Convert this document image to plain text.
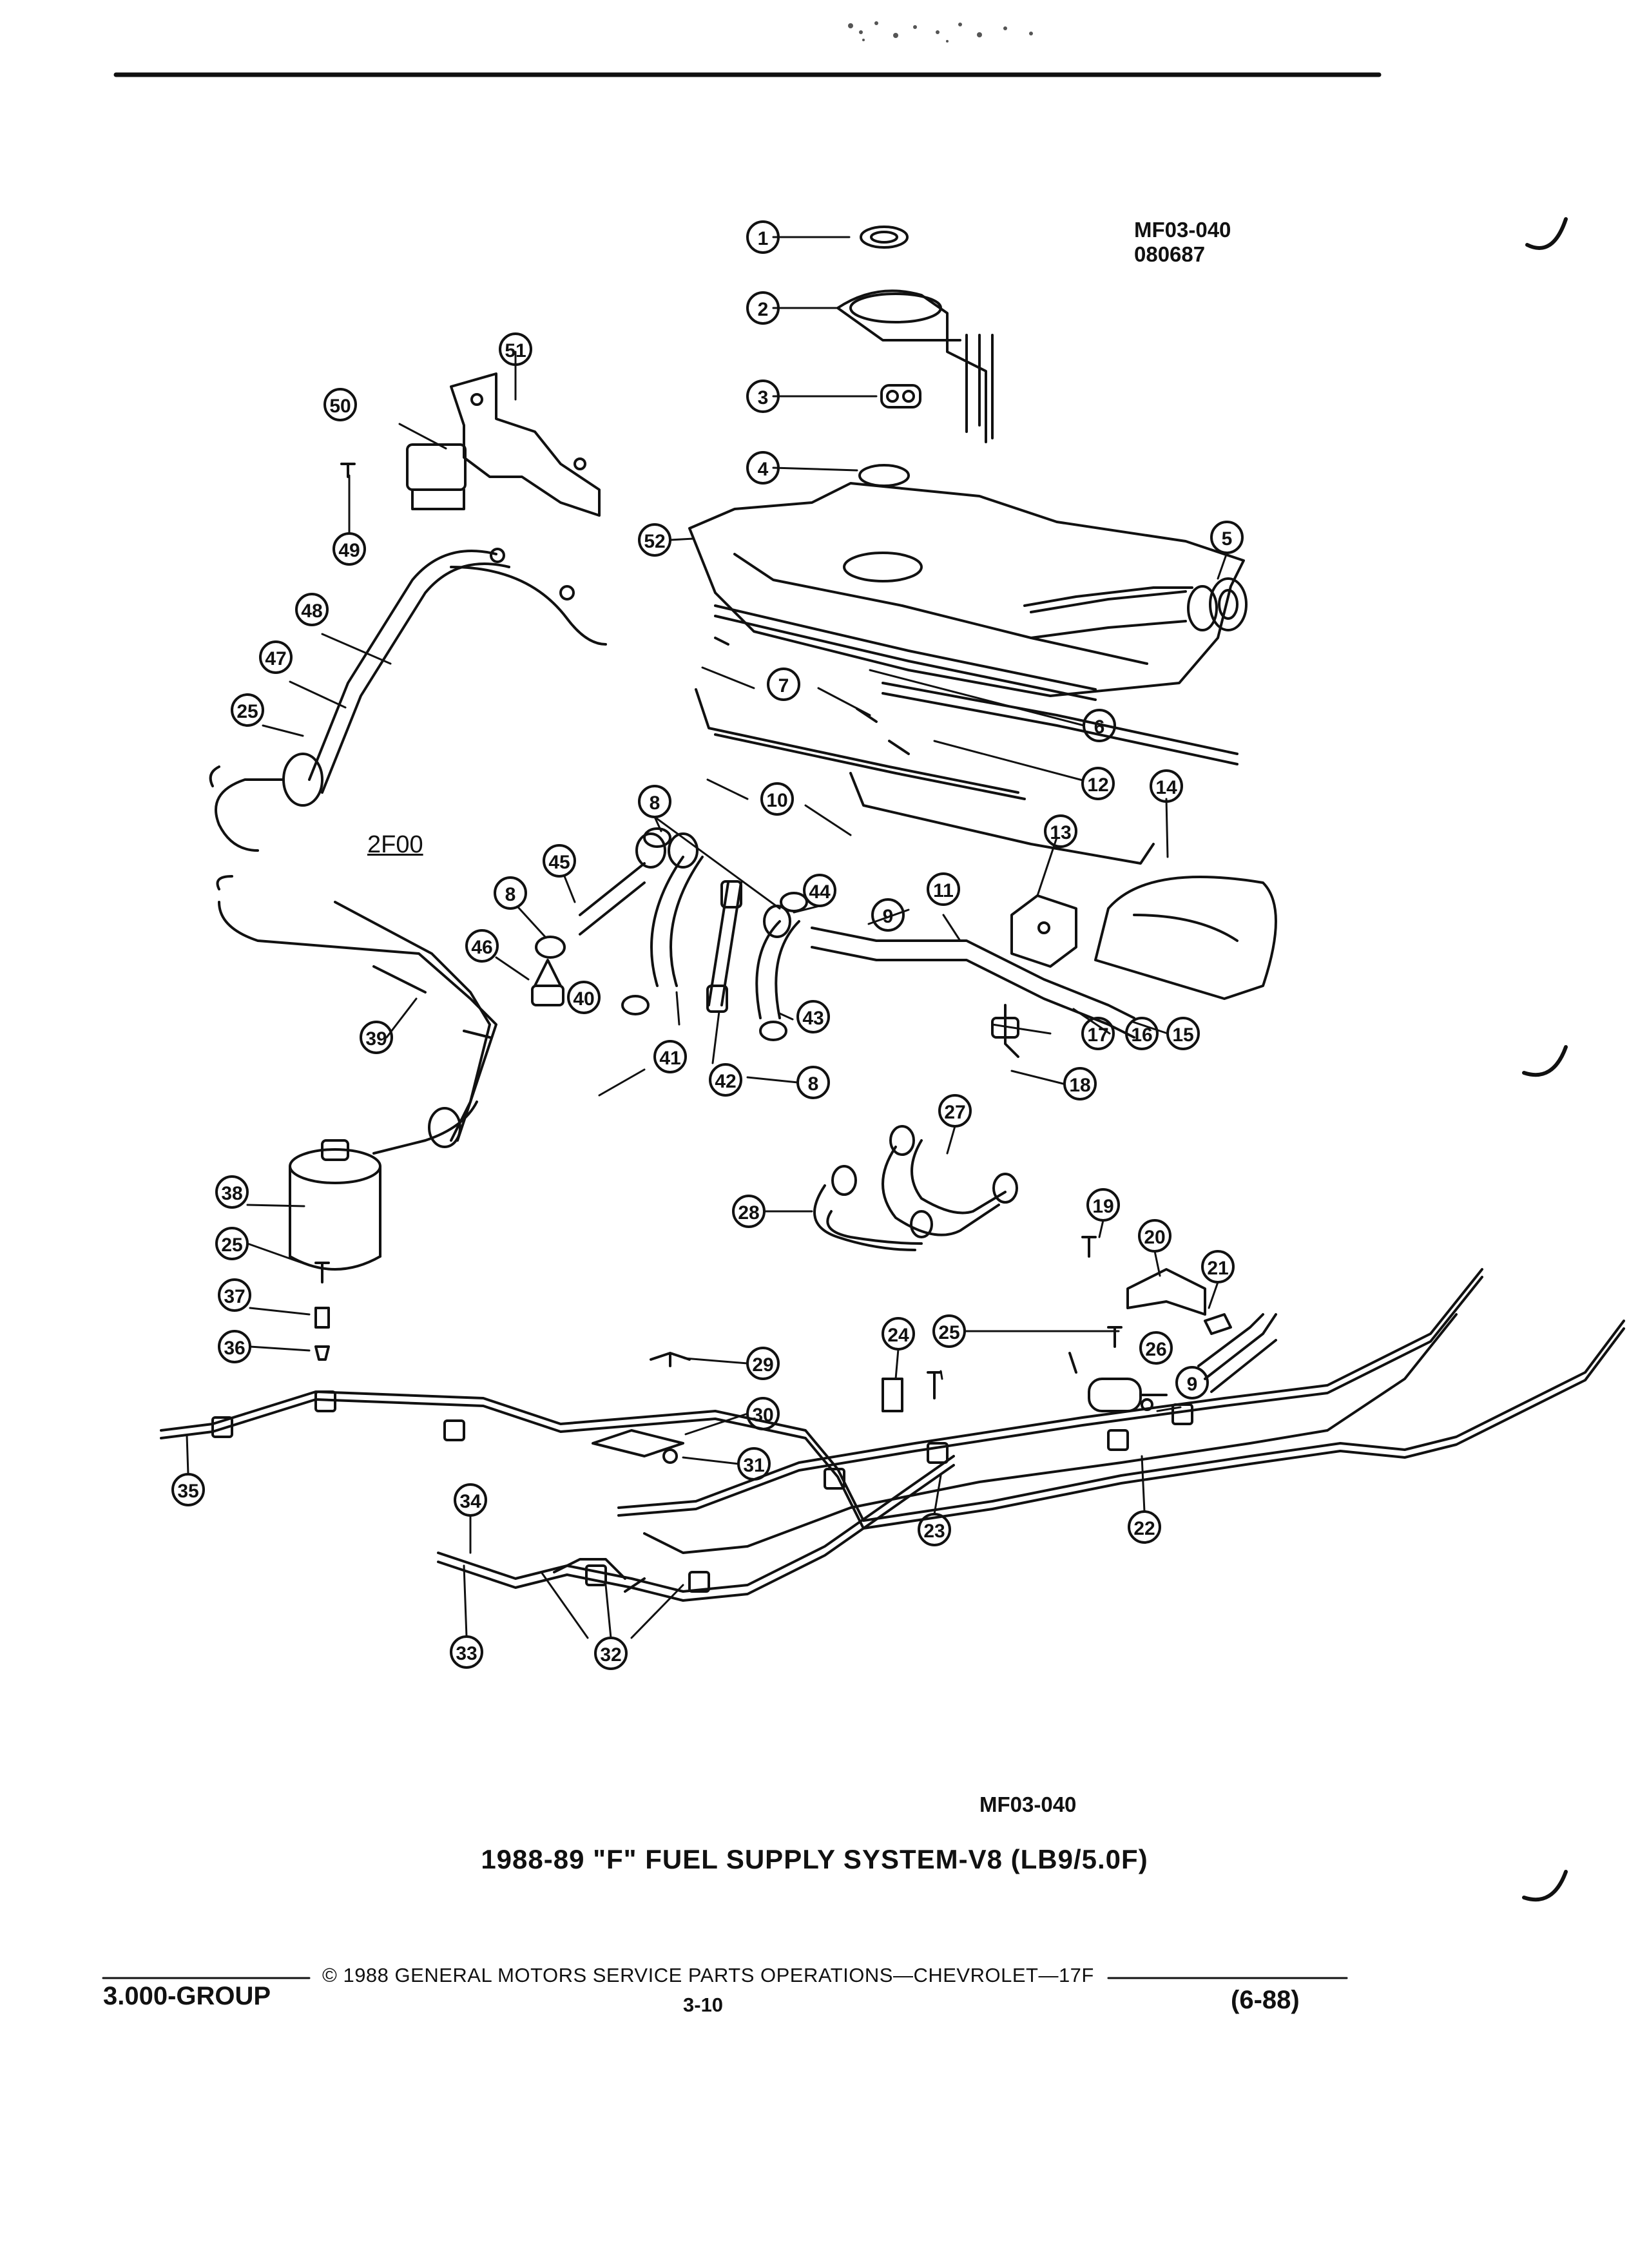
1
2
3
4
5
6
7
8
8
8
9
9
10
11
12
13
14
15
16
17
18
19
20
21
22
23
24 25
25
25
26
27
28
29
30
31
32
33
34
35
36
37
38
39
40
41
42
43
44
45
46
47
48
49
50
51
52
MF03-040
080687
2F00
MF03-040
1988-89 "F" FUEL SUPPLY SYSTEM-V8 (LB9/5.0F)
© 1988 GENERAL MOTORS SERVICE PARTS OPERATIONS—CHEVROLET—17F
3.000-GROUP	3-10	(6-88)
